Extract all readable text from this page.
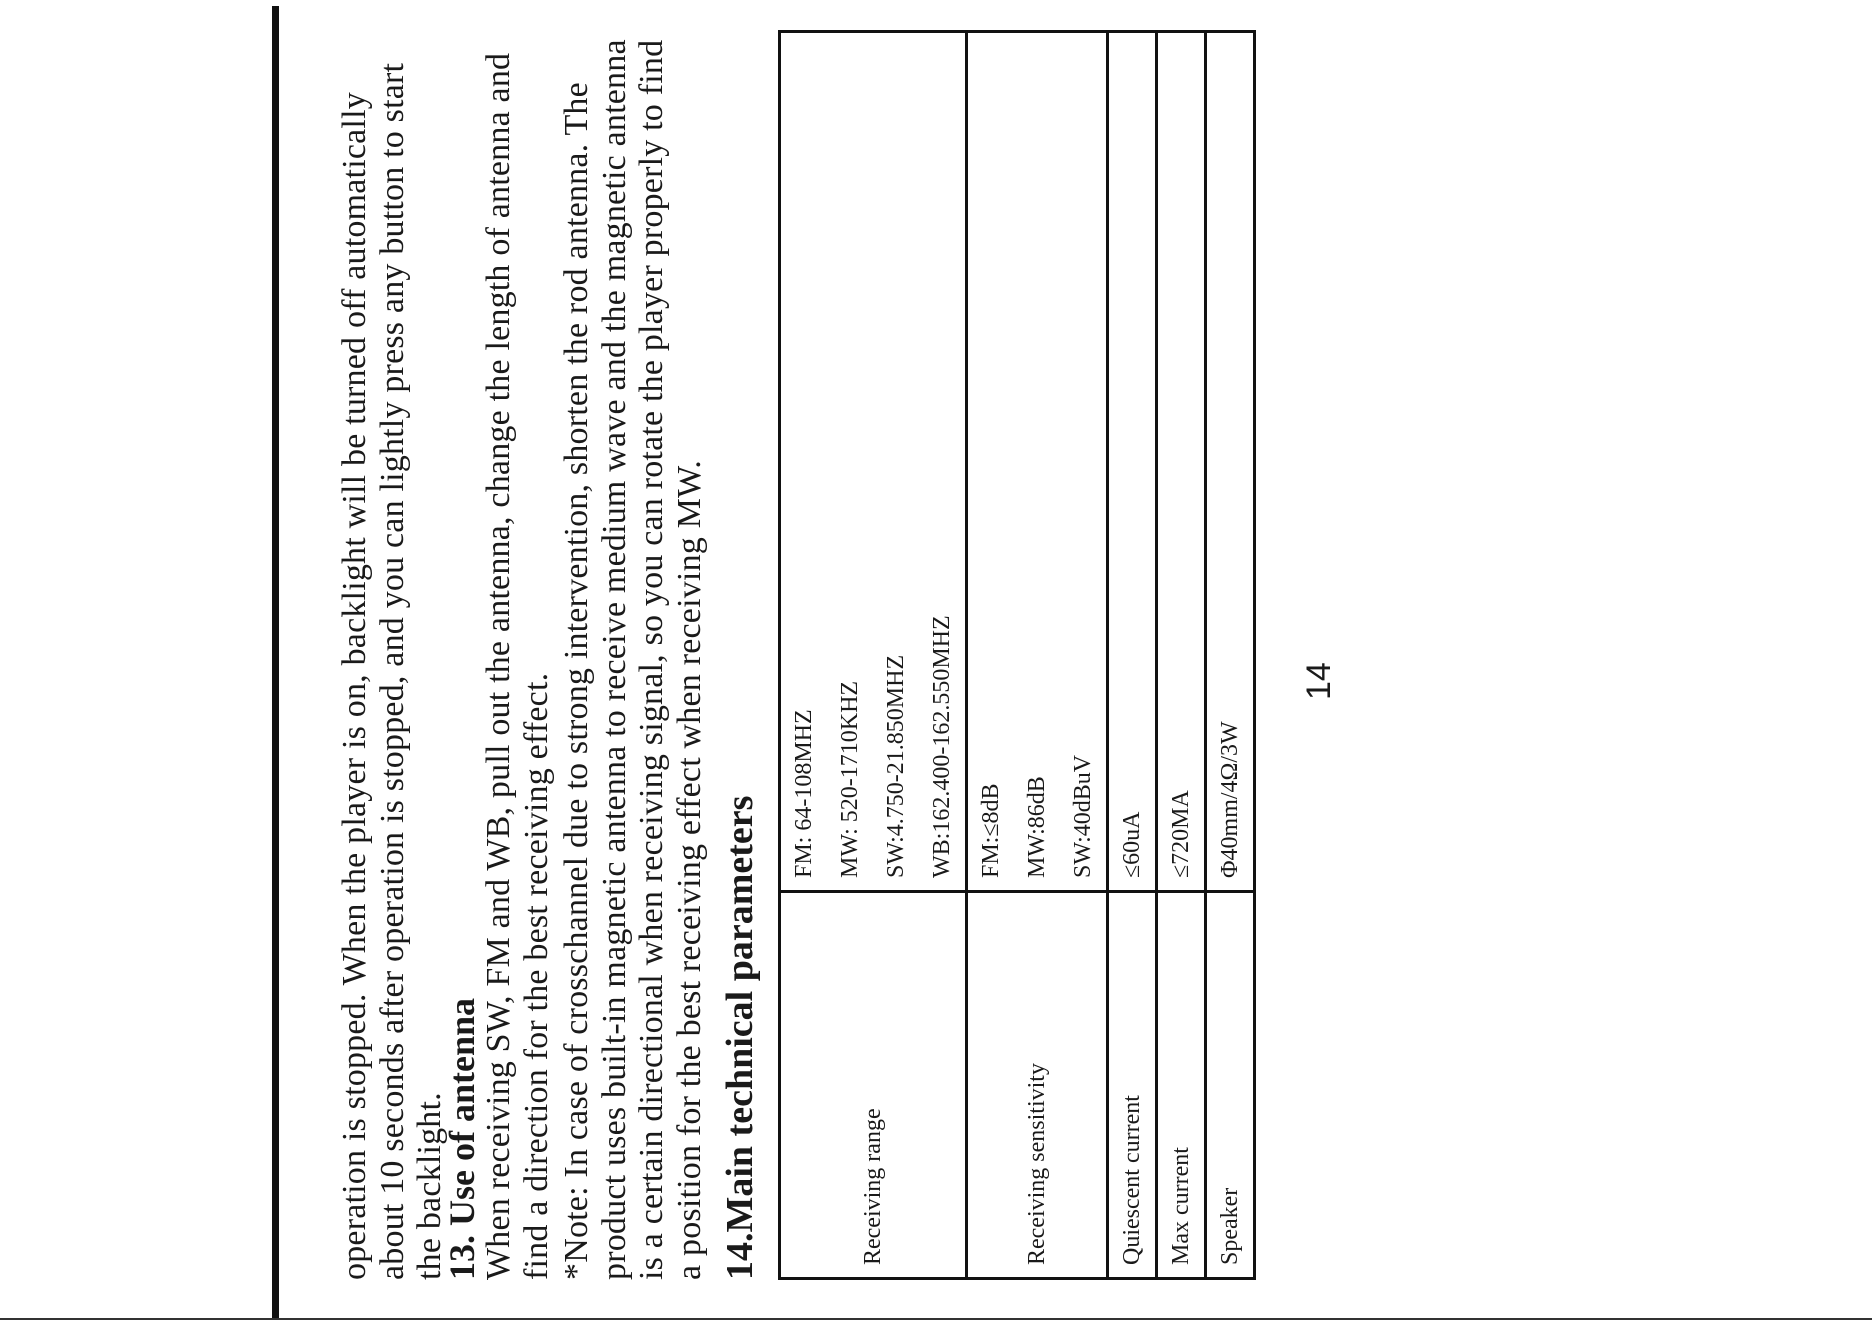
operation is stopped. When the player is on, backlight will be turned off automatically about 10 seconds after operation is stopped, and you can lightly press any button to start the backlight.

13. Use of antenna

When receiving SW, FM and WB, pull out the antenna, change the length of antenna and find a direction for the best receiving effect. *Note: In case of crosschannel due to strong intervention, shorten the rod antenna. The product uses built-in magnetic antenna to receive medium wave and the magnetic antenna is a certain directional when receiving signal, so you can rotate the player properly to find a position for the best receiving effect when receiving MW. 14.Main technical parameters	Receiving range	FM: 64-108MHZ MW: 520-1710KHZ SW:4.750-21.850MHZ WB:162.400-162.550MHZ

Receiving sensitivity	FM:≤8dB MW:86dB SW:40dBuV

Quiescent current	≤60uA

Max current	≤720MA

Speaker	Φ40mm/4Ω/3W
14
